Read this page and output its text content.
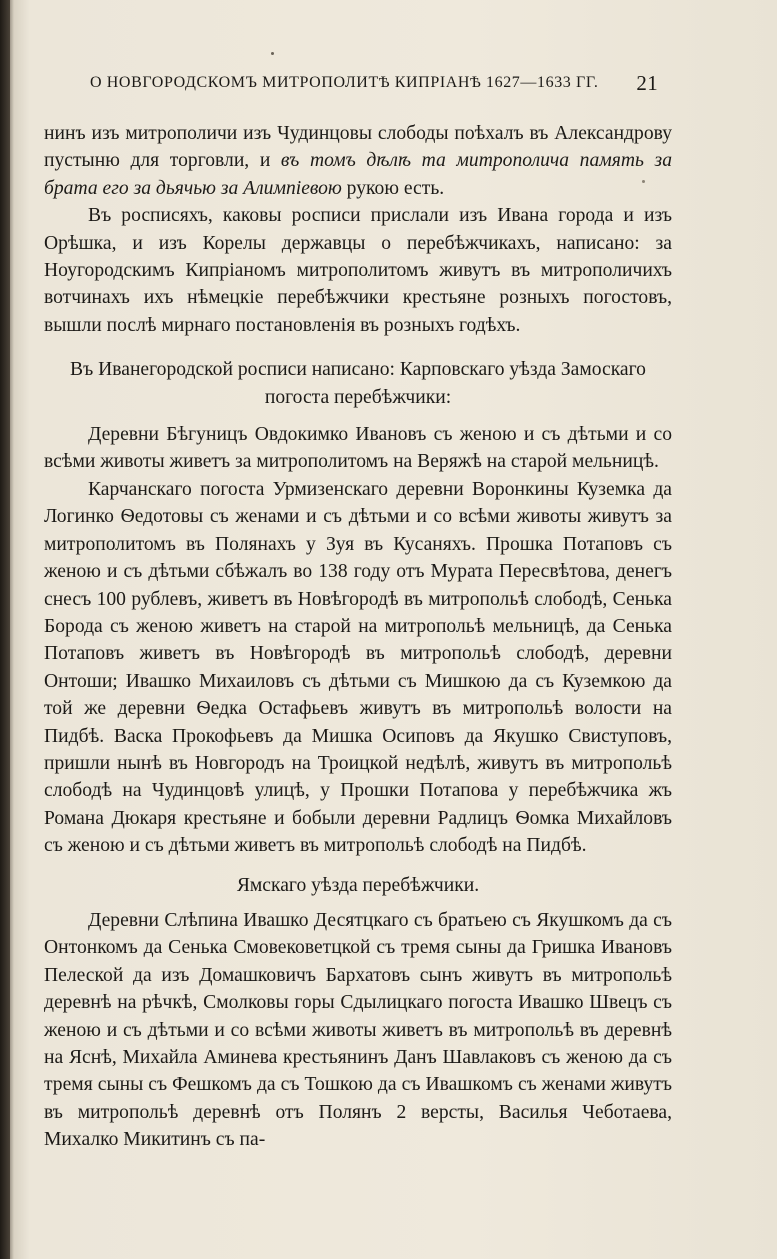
О НОВГОРОДСКОМЪ МИТРОПОЛИТѢ КИПРІАНѢ 1627—1633 ГГ. 21

нинъ изъ митрополичи изъ Чудинцовы слободы поѣхалъ въ Александрову пустыню для торговли, и въ томъ дѣлѣ та митрополича память за брата его за дьячью за Алимпіевою рукою есть.

Въ росписяхъ, каковы росписи прислали изъ Ивана города и изъ Орѣшка, и изъ Корелы державцы о перебѣжчикахъ, написано: за Ноугородскимъ Кипріаномъ митрополитомъ живутъ въ митрополичихъ вотчинахъ ихъ нѣмецкіе перебѣжчики крестьяне розныхъ погостовъ, вышли послѣ мирнаго постановленія въ розныхъ годѣхъ.

Въ Иванегородской росписи написано: Карповскаго уѣзда Замоскаго погоста перебѣжчики:

Деревни Бѣгуницъ Овдокимко Ивановъ съ женою и съ дѣтьми и со всѣми животы живетъ за митрополитомъ на Веряжѣ на старой мельницѣ.

Карчанскаго погоста Урмизенскаго деревни Воронкины Куземка да Логинко Ѳедотовы съ женами и съ дѣтьми и со всѣми животы живутъ за митрополитомъ въ Полянахъ у Зуя въ Кусаняхъ. Прошка Потаповъ съ женою и съ дѣтьми сбѣжалъ во 138 году отъ Мурата Пересвѣтова, денегъ снесъ 100 рублевъ, живетъ въ Новѣгородѣ въ митропольѣ слободѣ, Сенька Борода съ женою живетъ на старой на митропольѣ мельницѣ, да Сенька Потаповъ живетъ въ Новѣгородѣ въ митропольѣ слободѣ, деревни Онтоши; Ивашко Михаиловъ съ дѣтьми съ Мишкою да съ Куземкою да той же деревни Ѳедка Остафьевъ живутъ въ митропольѣ волости на Пидбѣ. Васка Прокофьевъ да Мишка Осиповъ да Якушко Свиступовъ, пришли нынѣ въ Новгородъ на Троицкой недѣлѣ, живутъ въ митропольѣ слободѣ на Чудинцовѣ улицѣ, у Прошки Потапова у перебѣжчика жъ Романа Дюкаря крестьяне и бобыли деревни Радлицъ Ѳомка Михайловъ съ женою и съ дѣтьми живетъ въ митропольѣ слободѣ на Пидбѣ.

Ямскаго уѣзда перебѣжчики.

Деревни Слѣпина Ивашко Десятцкаго съ братьею съ Якушкомъ да съ Онтонкомъ да Сенька Смовековетцкой съ тремя сыны да Гришка Ивановъ Пелеской да изъ Домашковичъ Бархатовъ сынъ живутъ въ митропольѣ деревнѣ на рѣчкѣ, Смолковы горы Сдылицкаго погоста Ивашко Швецъ съ женою и съ дѣтьми и со всѣми животы живетъ въ митропольѣ въ деревнѣ на Яснѣ, Михайла Аминева крестьянинъ Данъ Шавлаковъ съ женою да съ тремя сыны съ Фешкомъ да съ Тошкою да съ Ивашкомъ съ женами живутъ въ митропольѣ деревнѣ отъ Полянъ 2 версты, Василья Чеботаева, Михалко Микитинъ съ па-
